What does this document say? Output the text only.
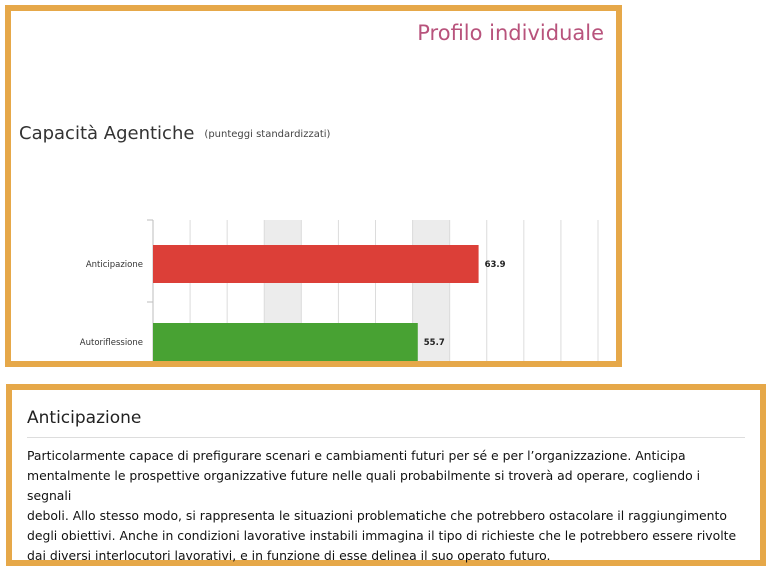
Profilo individuale
Capacità Agentiche (punteggi standardizzati)
Anticipazione	63.9
Autoriflessione	55.7
Anticipazione

Particolarmente capace di prefigurare scenari e cambiamenti futuri per sé e per l’organizzazione. Anticipa
mentalmente le prospettive organizzative future nelle quali probabilmente si troverà ad operare, cogliendo i segnali
deboli. Allo stesso modo, si rappresenta le situazioni problematiche che potrebbero ostacolare il raggiungimento
degli obiettivi. Anche in condizioni lavorative instabili immagina il tipo di richieste che le potrebbero essere rivolte
dai diversi interlocutori lavorativi, e in funzione di esse delinea il suo operato futuro.
